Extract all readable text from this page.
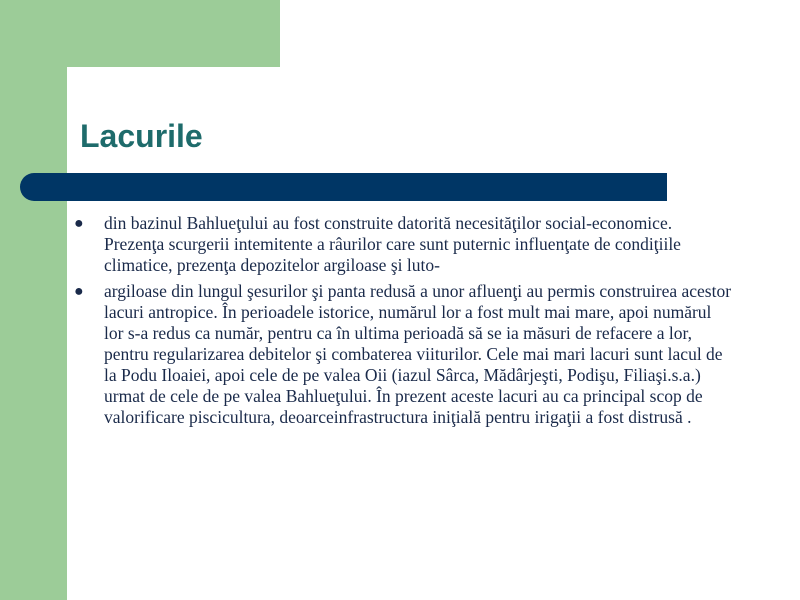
Lacurile
●	din bazinul Bahlueţului au fost construite datorită necesităţilor social-economice. Prezenţa scurgerii intemitente a râurilor care sunt puternic influenţate de condiţiile climatice, prezenţa depozitelor argiloase şi luto-
●	argiloase din lungul şesurilor şi panta redusă a unor afluenţi au permis construirea acestor lacuri antropice. În perioadele istorice, numărul lor a fost mult mai mare, apoi numărul lor s-a redus ca număr, pentru ca în ultima perioadă să se ia măsuri de refacere a lor, pentru regularizarea debitelor şi combaterea viiturilor. Cele mai mari lacuri sunt lacul de la Podu Iloaiei, apoi cele de pe valea Oii (iazul Sârca, Mădârjeşti, Podişu, Filiaşi.s.a.) urmat de cele de pe valea Bahlueţului. În prezent aceste lacuri au ca principal scop de valorificare piscicultura, deoarceinfrastructura iniţială pentru irigaţii a fost distrusă .
